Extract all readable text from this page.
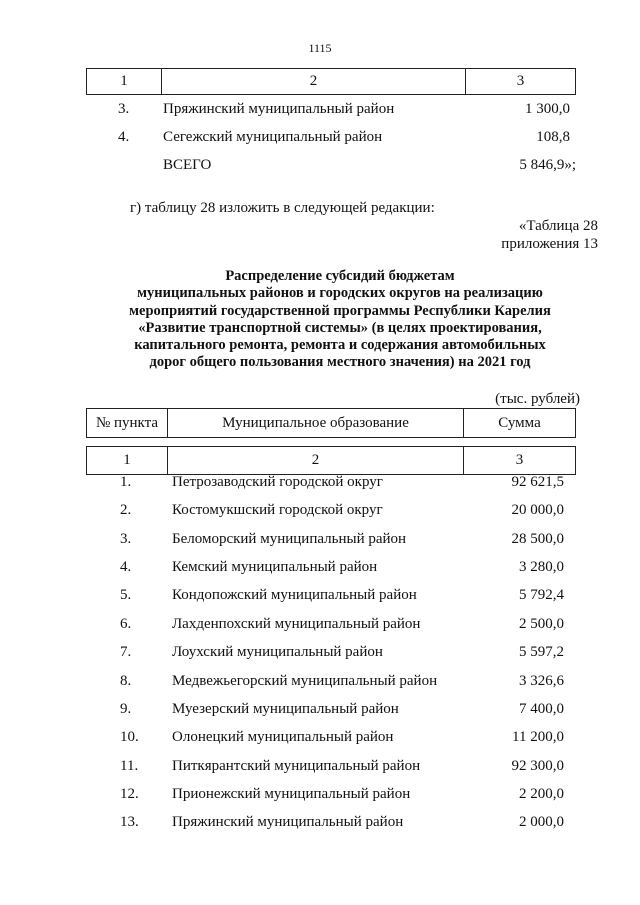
1115
1	2	3
3. Пряжинский муниципальный район	1 300,0
4. Сегежский муниципальный район	108,8
ВСЕГО	5 846,9»;
г) таблицу 28 изложить в следующей редакции:
«Таблица 28
приложения 13
Распределение субсидий бюджетам
муниципальных районов и городских округов на реализацию
мероприятий государственной программы Республики Карелия
«Развитие транспортной системы» (в целях проектирования,
капитального ремонта, ремонта и содержания автомобильных
дорог общего пользования местного значения) на 2021 год
(тыс. рублей)
№ пункта	Муниципальное образование	Сумма

1	2	3
1.	Петрозаводский городской округ	92 621,5
2.	Костомукшский городской округ	20 000,0
3.	Беломорский муниципальный район	28 500,0
4.	Кемский муниципальный район	3 280,0
5.	Кондопожский муниципальный район	5 792,4
6.	Лахденпохский муниципальный район	2 500,0
7.	Лоухский муниципальный район	5 597,2
8.	Медвежьегорский муниципальный район	3 326,6
9.	Муезерский муниципальный район	7 400,0
10. Олонецкий муниципальный район	11 200,0
11. Питкярантский муниципальный район	92 300,0
12. Прионежский муниципальный район	2 200,0
13. Пряжинский муниципальный район	2 000,0
